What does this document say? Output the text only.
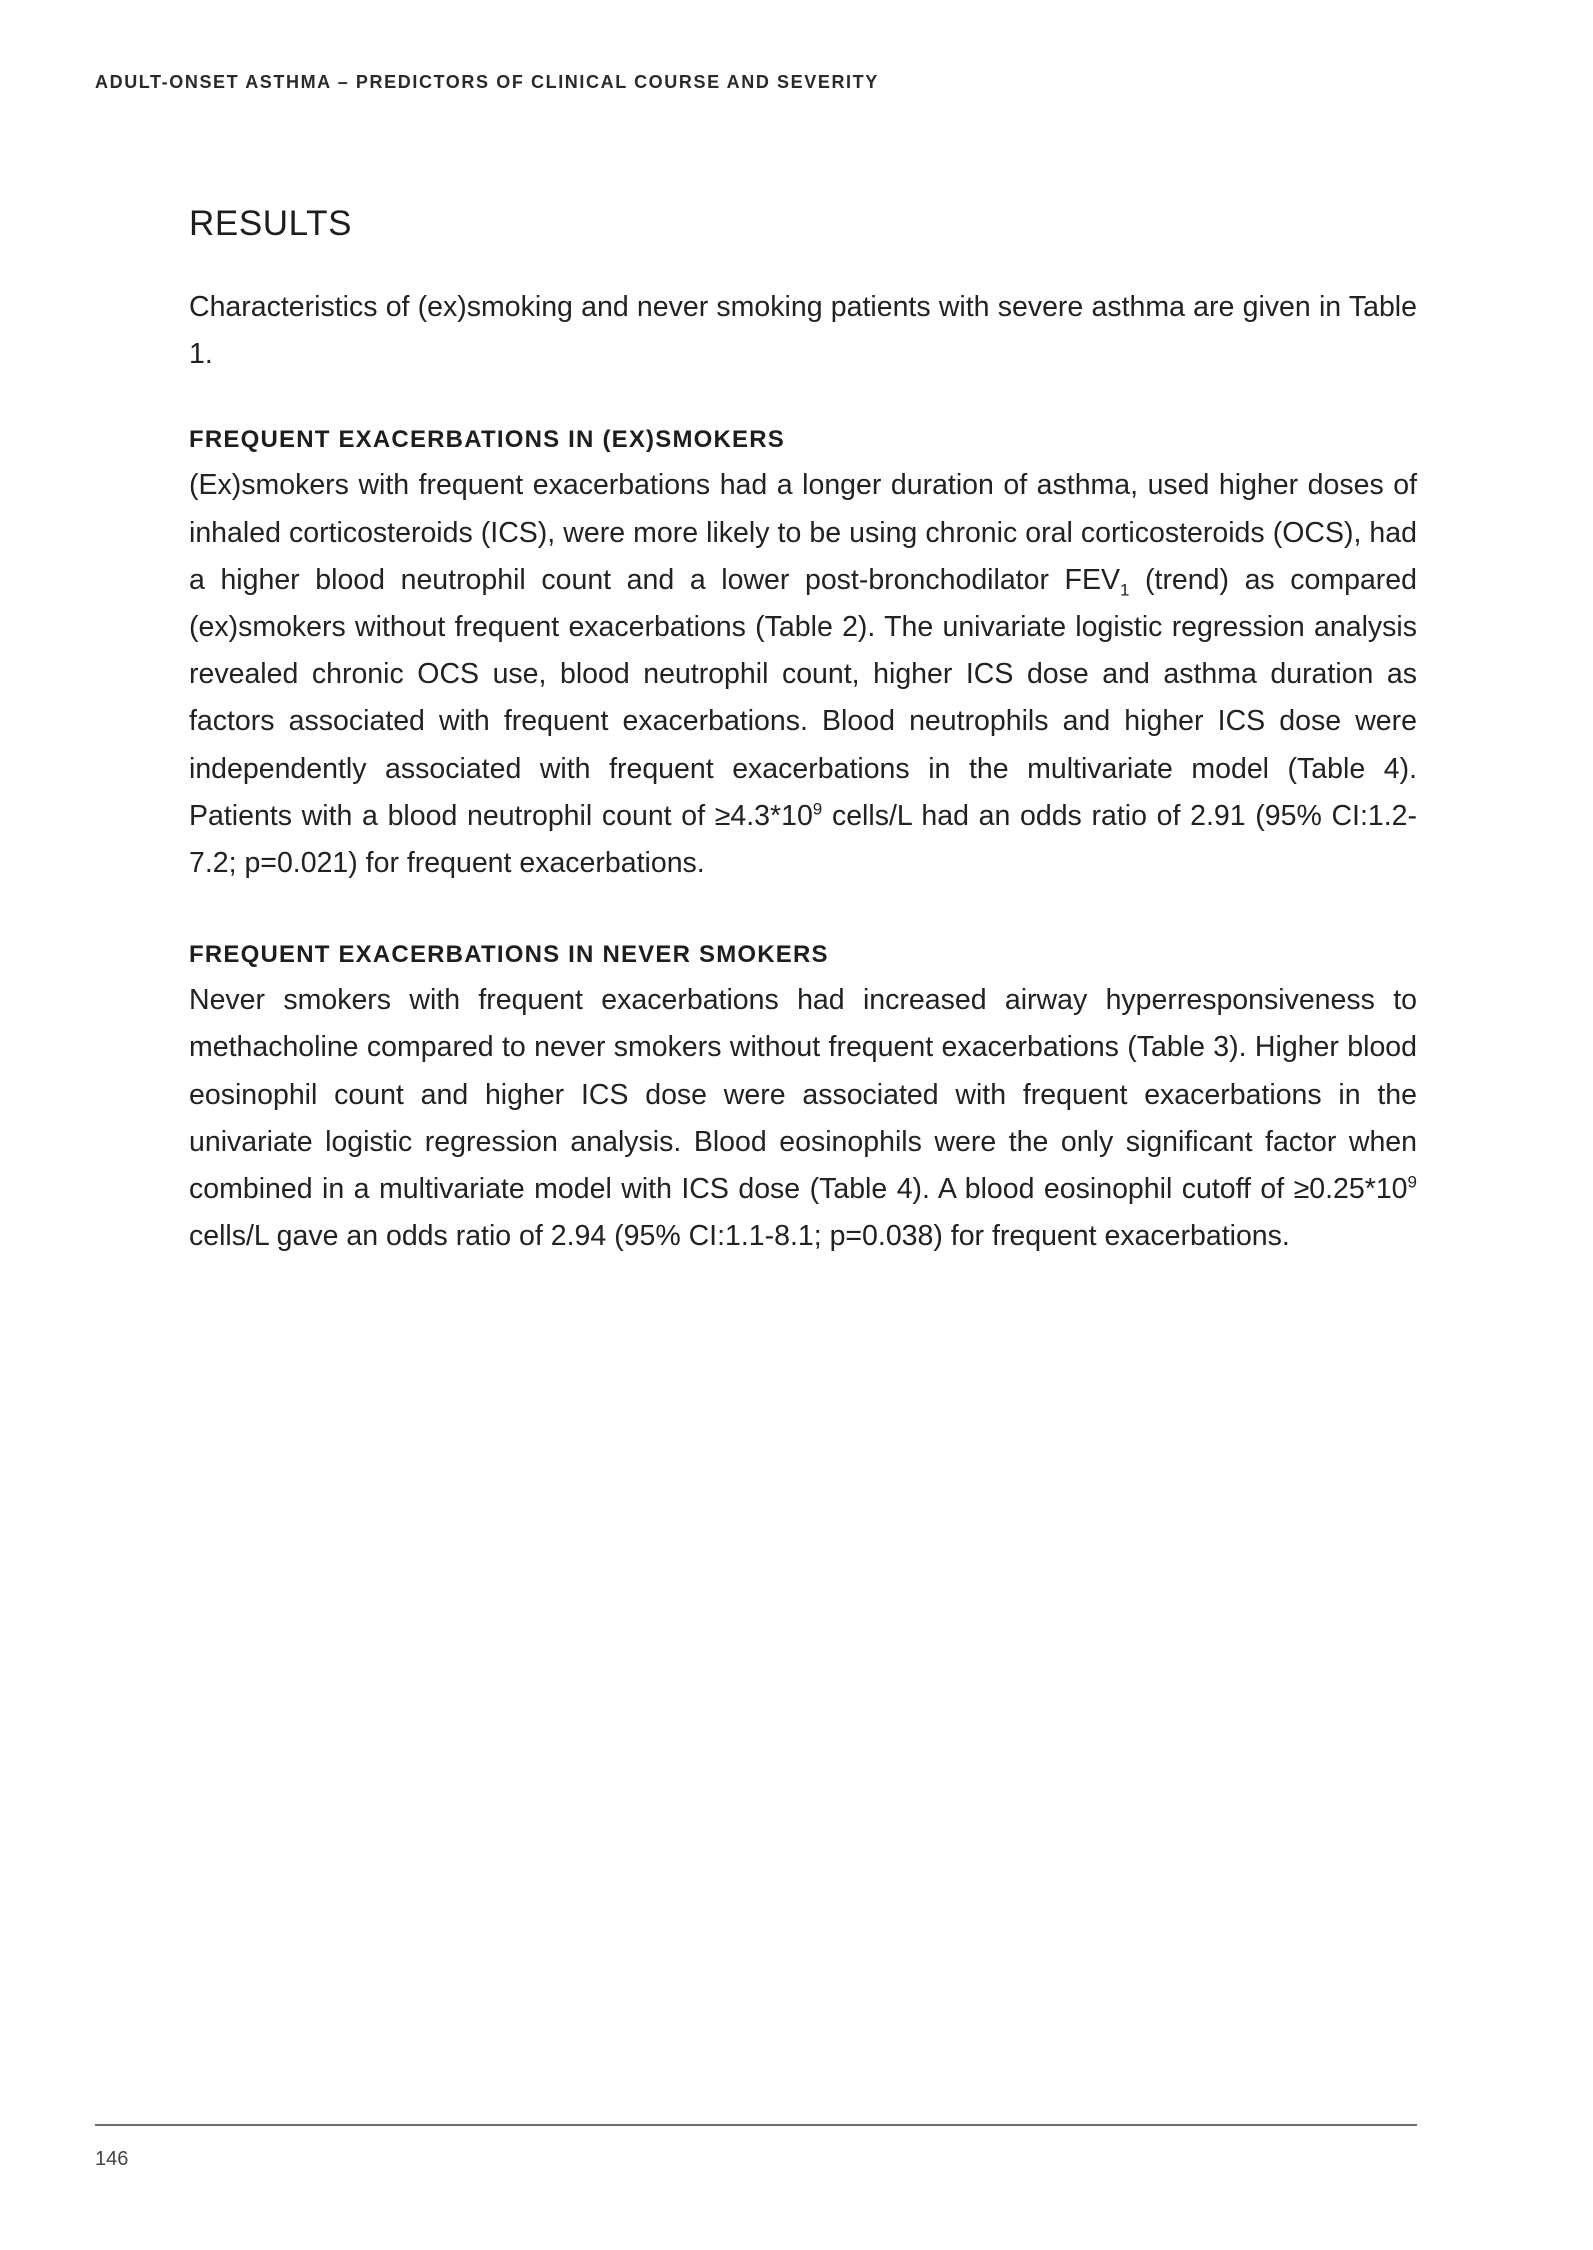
ADULT-ONSET ASTHMA – PREDICTORS OF CLINICAL COURSE AND SEVERITY

RESULTS

Characteristics of (ex)smoking and never smoking patients with severe asthma are given in Table 1.

FREQUENT EXACERBATIONS IN (EX)SMOKERS

(Ex)smokers with frequent exacerbations had a longer duration of asthma, used higher doses of inhaled corticosteroids (ICS), were more likely to be using chronic oral corticosteroids (OCS), had a higher blood neutrophil count and a lower post-bronchodilator $FEV_1$ (trend) as compared (ex)smokers without frequent exacerbations (Table 2). The univariate logistic regression analysis revealed chronic OCS use, blood neutrophil count, higher ICS dose and asthma duration as factors associated with frequent exacerbations. Blood neutrophils and higher ICS dose were independently associated with frequent exacerbations in the multivariate model (Table 4). Patients with a blood neutrophil count of $\ge 4.3*10^9$ cells/L had an odds ratio of 2.91 (95% CI:1.2-7.2; p=0.021) for frequent exacerbations.

FREQUENT EXACERBATIONS IN NEVER SMOKERS

Never smokers with frequent exacerbations had increased airway hyperresponsiveness to methacholine compared to never smokers without frequent exacerbations (Table 3). Higher blood eosinophil count and higher ICS dose were associated with frequent exacerbations in the univariate logistic regression analysis. Blood eosinophils were the only significant factor when combined in a multivariate model with ICS dose (Table 4). A blood eosinophil cutoff of $\ge 0.25*10^9$ cells/L gave an odds ratio of 2.94 (95% CI:1.1-8.1; p=0.038) for frequent exacerbations.

146
